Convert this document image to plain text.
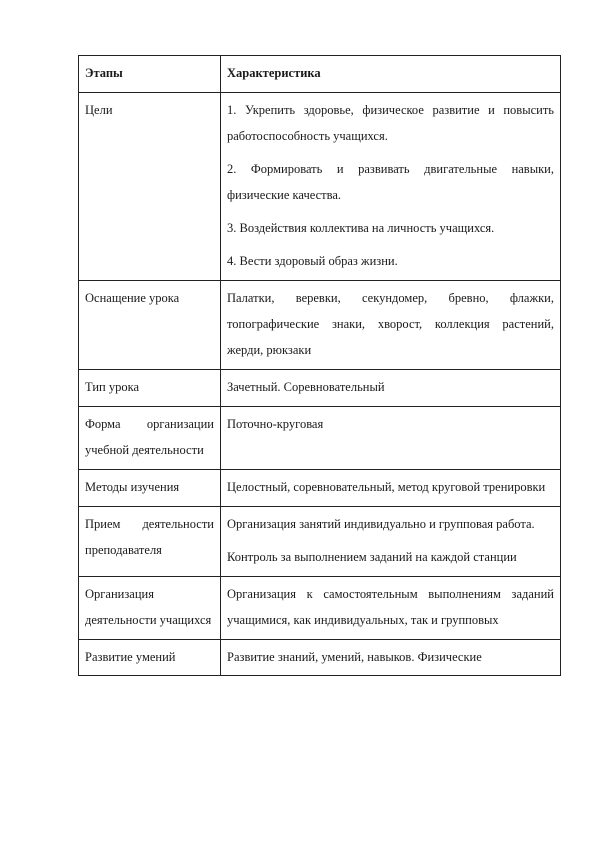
Этапы	Характеристика
Цели	1. Укрепить здоровье, физическое развитие и повысить работоспособность учащихся.

2. Формировать и развивать двигательные навыки, физические качества.

3. Воздействия коллектива на личность учащихся.

4. Вести здоровый образ жизни.

Оснащение урока	Палатки, веревки, секундомер, бревно, флажки, топографические знаки, хворост, коллекция растений, жерди, рюкзаки

Тип урока	Зачетный. Соревновательный

Форма организации учебной деятельности	Поточно-круговая

Методы изучения	Целостный, соревновательный, метод круговой тренировки

Прием деятельности преподавателя	Организация занятий индивидуально и групповая работа.

Контроль за выполнением заданий на каждой станции

Организация деятельности учащихся	Организация к самостоятельным выполнениям заданий учащимися, как индивидуальных, так и групповых

Развитие умений	Развитие знаний, умений, навыков. Физические
